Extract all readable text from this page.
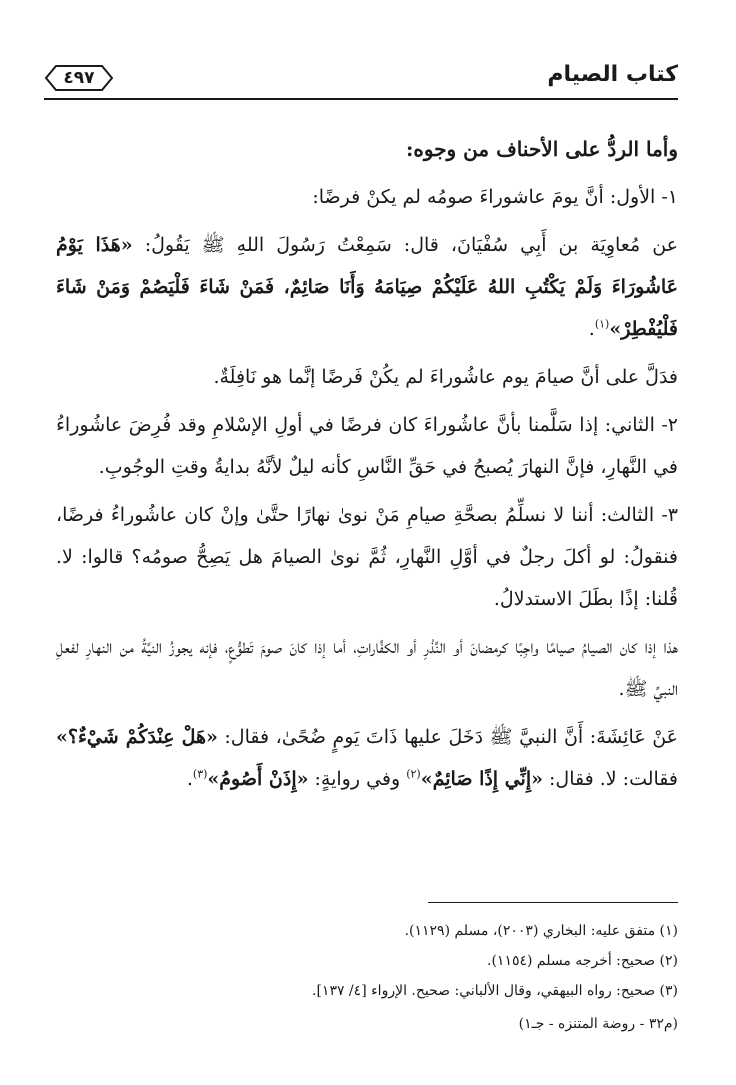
كتاب الصيام
٤٩٧

وأما الردُّ على الأحناف من وجوه:

١- الأول: أنَّ يومَ عاشوراءَ صومُه لم يكنْ فرضًا:

عن مُعاوِيَة بن أَبِي سُفْيَانَ، قال: سَمِعْتُ رَسُولَ اللهِ ﷺ يَقُولُ: «هَذَا يَوْمُ عَاشُورَاءَ وَلَمْ يَكْتُبِ اللهُ عَلَيْكُمْ صِيَامَهُ وَأَنَا صَائِمٌ، فَمَنْ شَاءَ فَلْيَصُمْ وَمَنْ شَاءَ فَلْيُفْطِرْ»$^{(١)}$.

فدَلَّ على أنَّ صيامَ يوم عاشُوراءَ لم يكُنْ فَرضًا إنَّما هو نَافِلَةٌ.

٢- الثاني: إذا سَلَّمنا بأنَّ عاشُوراءَ كان فرضًا في أولِ الإسْلامِ وقد فُرِضَ عاشُوراءُ في النَّهارِ، فإنَّ النهارَ يُصبحُ في حَقِّ النَّاسِ كأنه ليلٌ لأنَّهُ بدايةُ وقتِ الوجُوبِ.

٣- الثالث: أننا لا نسلِّمُ بصحَّةِ صيامِ مَنْ نوىٰ نهارًا حتَّىٰ وإنْ كان عاشُوراءُ فرضًا، فنقولُ: لو أكلَ رجلٌ في أوَّلِ النَّهارِ، ثُمَّ نوىٰ الصيامَ هل يَصِحُّ صومُه؟ قالوا: لا. قُلنا: إذًا بطَلَ الاستدلالُ.

هذا إذا كان الصيامُ صيامًا واجِبًا كرمضانَ أو النَّذْرِ أو الكفَّاراتِ، أما إذا كانَ صومَ تَطوُّعٍ، فإنه يجوزُ النيَّةُ من النهارِ لفعلِ النبيِّ ﷺ.

عَنْ عَائِشَةَ: أَنَّ النبيَّ ﷺ دَخَلَ عليها ذَاتَ يَومٍ ضُحًىٰ، فقال: «هَلْ عِنْدَكُمْ شَيْءٌ؟» فقالت: لا. فقال: «إِنِّي إِذًا صَائِمٌ»$^{(٢)}$ وفي روايةٍ: «إِذَنْ أَصُومُ»$^{(٣)}$.

(١) متفق عليه: البخاري (٢٠٠٣)، مسلم (١١٢٩).
(٢) صحيح: أخرجه مسلم (١١٥٤).
(٣) صحيح: رواه البيهقي، وقال الألباني: صحيح. الإرواء [٤/ ١٣٧].
(م٣٢ - روضة المتنزه - جـ١)
